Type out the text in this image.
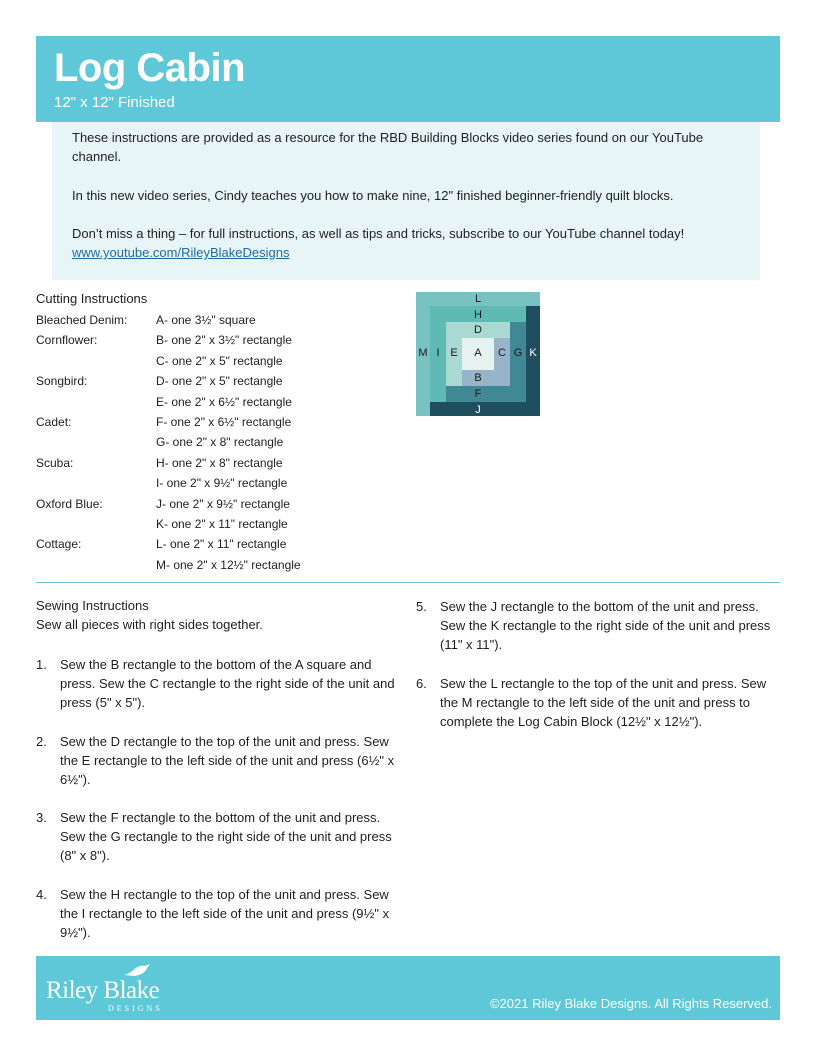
Log Cabin
12" x 12" Finished

These instructions are provided as a resource for the RBD Building Blocks video series found on our YouTube channel.

In this new video series, Cindy teaches you how to make nine, 12" finished beginner-friendly quilt blocks.

Don’t miss a thing – for full instructions, as well as tips and tricks, subscribe to our YouTube channel today! www.youtube.com/RileyBlakeDesigns

Cutting Instructions
Bleached Denim:	A- one 3½" square
Cornflower:	B- one 2" x 3½" rectangle
C- one 2" x 5" rectangle
Songbird:	D- one 2" x 5" rectangle
E- one 2" x 6½" rectangle
Cadet:	F- one 2" x 6½" rectangle
G- one 2" x 8" rectangle
Scuba:	H- one 2" x 8" rectangle
I- one 2" x 9½" rectangle
Oxford Blue:	J- one 2" x 9½" rectangle
K- one 2" x 11" rectangle
Cottage:	L- one 2" x 11" rectangle
M- one 2" x 12½" rectangle
L
H
D
A
B
F
J
M I E	C G K
Sewing Instructions
Sew all pieces with right sides together.
1. Sew the B rectangle to the bottom of the A square and press. Sew the C rectangle to the right side of the unit and press (5" x 5").
2. Sew the D rectangle to the top of the unit and press. Sew the E rectangle to the left side of the unit and press (6½" x 6½").
3. Sew the F rectangle to the bottom of the unit and press. Sew the G rectangle to the right side of the unit and press (8" x 8").
4. Sew the H rectangle to the top of the unit and press. Sew the I rectangle to the left side of the unit and press (9½" x 9½").
5. Sew the J rectangle to the bottom of the unit and press. Sew the K rectangle to the right side of the unit and press (11" x 11").
6. Sew the L rectangle to the top of the unit and press. Sew the M rectangle to the left side of the unit and press to complete the Log Cabin Block (12½" x 12½").
Riley Blake
DESIGNS	©2021 Riley Blake Designs. All Rights Reserved.
